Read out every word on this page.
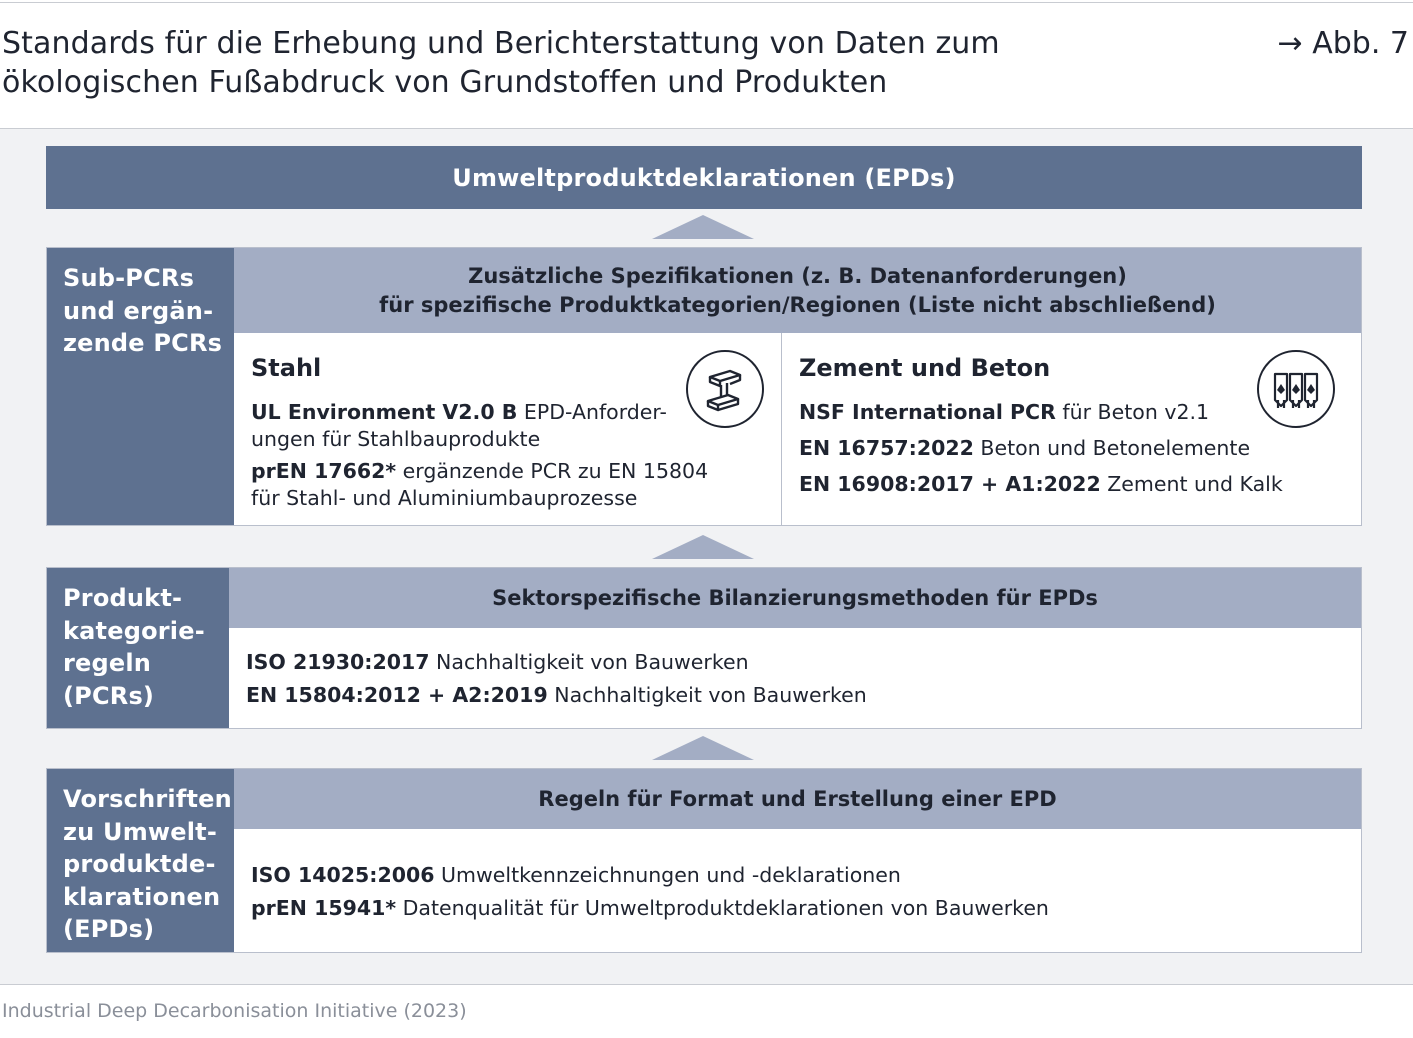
Standards für die Erhebung und Berichterstattung von Daten zum
ökologischen Fußabdruck von Grundstoffen und Produkten
→ Abb. 7
Umweltproduktdeklarationen (EPDs)
Sub-PCRs
und ergän-
zende PCRs
Zusätzliche Spezifikationen (z. B. Datenanforderungen)
für spezifische Produktkategorien/Regionen (Liste nicht abschließend)
Stahl
UL Environment V2.0 B EPD-Anforder-
ungen für Stahlbauprodukte
prEN 17662* ergänzende PCR zu EN 15804
für Stahl- und Aluminiumbauprozesse
Zement und Beton
NSF International PCR für Beton v2.1
EN 16757:2022 Beton und Betonelemente
EN 16908:2017 + A1:2022 Zement und Kalk
Produkt-
kategorie-
regeln
(PCRs)
Sektorspezifische Bilanzierungsmethoden für EPDs
ISO 21930:2017 Nachhaltigkeit von Bauwerken
EN 15804:2012 + A2:2019 Nachhaltigkeit von Bauwerken
Vorschriften
zu Umwelt-
produktde-
klarationen
(EPDs)
Regeln für Format und Erstellung einer EPD
ISO 14025:2006 Umweltkennzeichnungen und -deklarationen
prEN 15941* Datenqualität für Umweltproduktdeklarationen von Bauwerken
Industrial Deep Decarbonisation Initiative (2023)
